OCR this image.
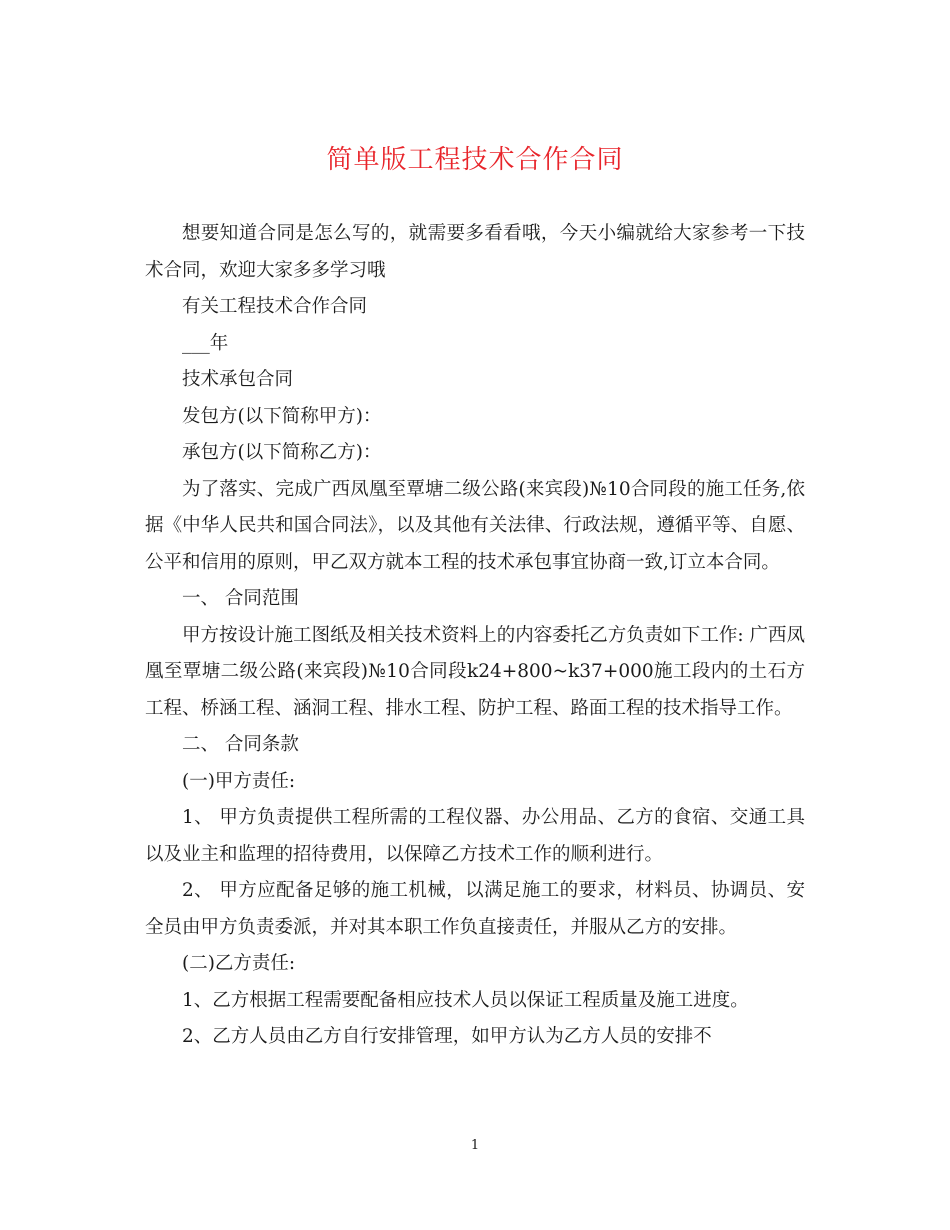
简单版工程技术合作合同

想要知道合同是怎么写的，就需要多看看哦，今天小编就给大家参考一下技术合同，欢迎大家多多学习哦

有关工程技术合作合同

___年

技术承包合同

发包方(以下简称甲方)：

承包方(以下简称乙方)：

为了落实、完成广西凤凰至覃塘二级公路(来宾段)№10合同段的施工任务,依据《中华人民共和国合同法》，以及其他有关法律、行政法规，遵循平等、自愿、公平和信用的原则，甲乙双方就本工程的技术承包事宜协商一致,订立本合同。

一、 合同范围

甲方按设计施工图纸及相关技术资料上的内容委托乙方负责如下工作: 广西凤凰至覃塘二级公路(来宾段)№10合同段k24+800~k37+000施工段内的土石方工程、桥涵工程、涵洞工程、排水工程、防护工程、路面工程的技术指导工作。

二、 合同条款

(一)甲方责任:

1、 甲方负责提供工程所需的工程仪器、办公用品、乙方的食宿、交通工具以及业主和监理的招待费用，以保障乙方技术工作的顺利进行。

2、 甲方应配备足够的施工机械，以满足施工的要求，材料员、协调员、安全员由甲方负责委派，并对其本职工作负直接责任，并服从乙方的安排。

(二)乙方责任:

1、乙方根据工程需要配备相应技术人员以保证工程质量及施工进度。

2、乙方人员由乙方自行安排管理，如甲方认为乙方人员的安排不

1
